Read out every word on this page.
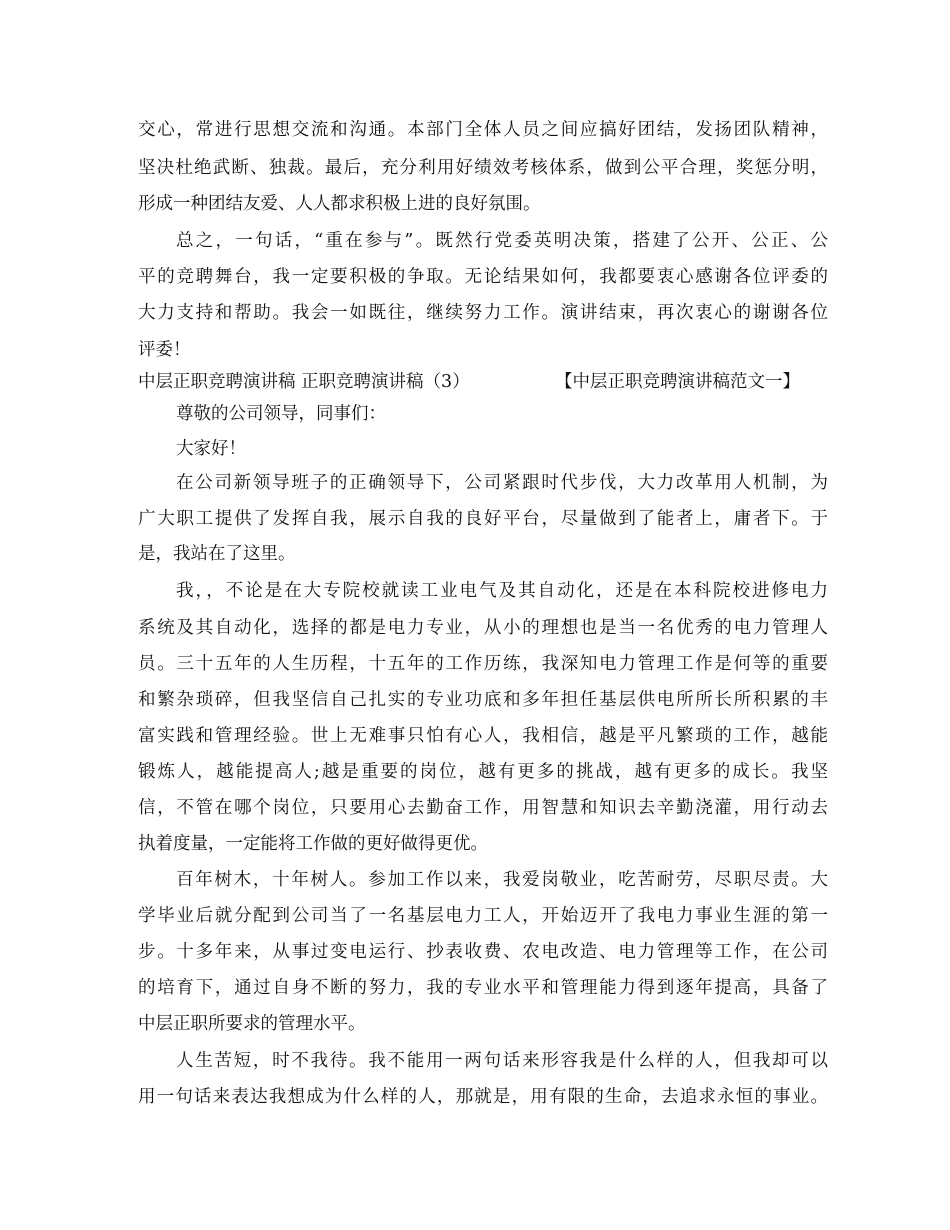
交心，常进行思想交流和沟通。本部门全体人员之间应搞好团结，发扬团队精神，
坚决杜绝武断、独裁。最后，充分利用好绩效考核体系，做到公平合理，奖惩分明，
形成一种团结友爱、人人都求积极上进的良好氛围。
总之，一句话，“重在参与”。既然行党委英明决策，搭建了公开、公正、公
平的竞聘舞台，我一定要积极的争取。无论结果如何，我都要衷心感谢各位评委的
大力支持和帮助。我会一如既往，继续努力工作。演讲结束，再次衷心的谢谢各位
评委！
中层正职竞聘演讲稿 正职竞聘演讲稿（3）	【中层正职竞聘演讲稿范文一】
尊敬的公司领导，同事们：
大家好！
在公司新领导班子的正确领导下，公司紧跟时代步伐，大力改革用人机制，为
广大职工提供了发挥自我，展示自我的良好平台，尽量做到了能者上，庸者下。于
是，我站在了这里。
我，，不论是在大专院校就读工业电气及其自动化，还是在本科院校进修电力
系统及其自动化，选择的都是电力专业，从小的理想也是当一名优秀的电力管理人
员。三十五年的人生历程，十五年的工作历练，我深知电力管理工作是何等的重要
和繁杂琐碎，但我坚信自己扎实的专业功底和多年担任基层供电所所长所积累的丰
富实践和管理经验。世上无难事只怕有心人，我相信，越是平凡繁琐的工作，越能
锻炼人，越能提高人;越是重要的岗位，越有更多的挑战，越有更多的成长。我坚
信，不管在哪个岗位，只要用心去勤奋工作，用智慧和知识去辛勤浇灌，用行动去
执着度量，一定能将工作做的更好做得更优。
百年树木，十年树人。参加工作以来，我爱岗敬业，吃苦耐劳，尽职尽责。大
学毕业后就分配到公司当了一名基层电力工人，开始迈开了我电力事业生涯的第一
步。十多年来，从事过变电运行、抄表收费、农电改造、电力管理等工作，在公司
的培育下，通过自身不断的努力，我的专业水平和管理能力得到逐年提高，具备了
中层正职所要求的管理水平。
人生苦短，时不我待。我不能用一两句话来形容我是什么样的人，但我却可以
用一句话来表达我想成为什么样的人，那就是，用有限的生命，去追求永恒的事业。
